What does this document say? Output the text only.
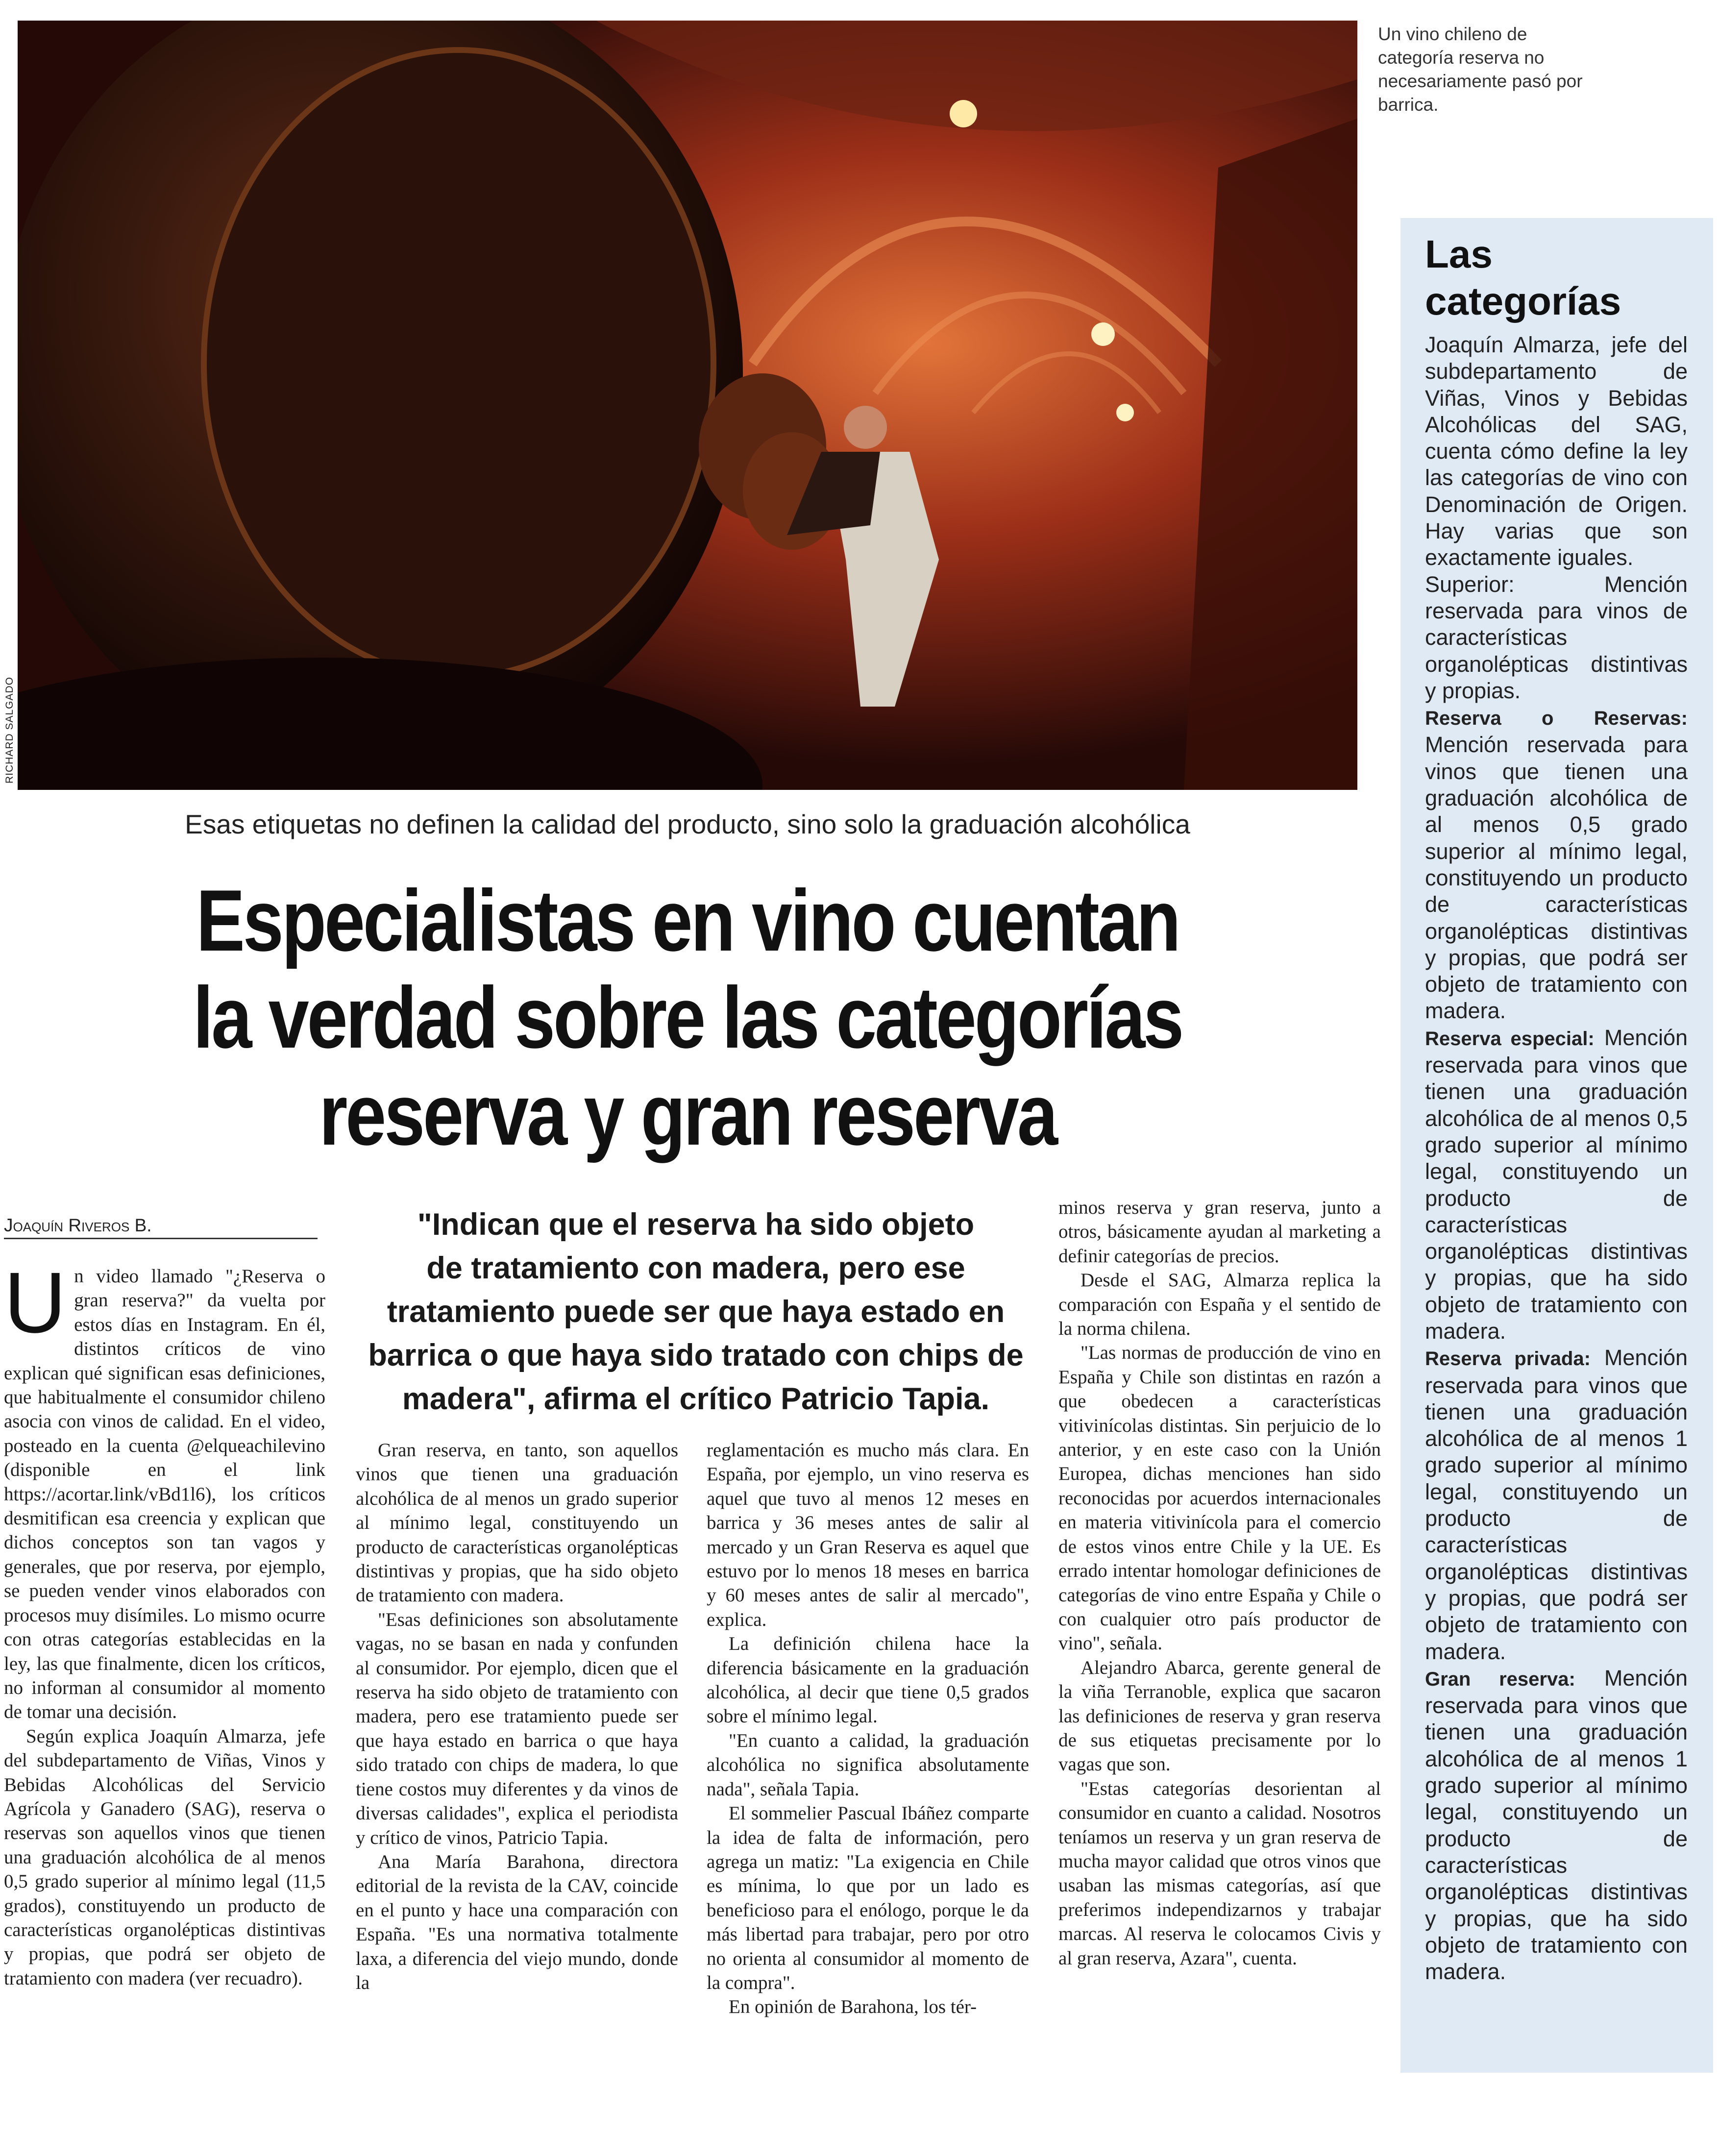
RICHARD SALGADO
Un vino chileno de categoría reserva no necesariamente pasó por barrica.
Esas etiquetas no definen la calidad del producto, sino solo la graduación alcohólica
Especialistas en vino cuentan
la verdad sobre las categorías
reserva y gran reserva
Joaquín Riveros B.

Un video llamado "¿Reserva o gran reserva?" da vuelta por estos días en Instagram. En él, distintos críticos de vino explican qué significan esas definiciones, que habitualmente el consumidor chileno asocia con vinos de calidad. En el video, posteado en la cuenta @elqueachilevino (disponible en el link https://acortar.link/vBd1l6), los críticos desmitifican esa creencia y explican que dichos conceptos son tan vagos y generales, que por reserva, por ejemplo, se pueden vender vinos elaborados con procesos muy disímiles. Lo mismo ocurre con otras categorías establecidas en la ley, las que finalmente, dicen los críticos, no informan al consumidor al momento de tomar una decisión.

Según explica Joaquín Almarza, jefe del subdepartamento de Viñas, Vinos y Bebidas Alcohólicas del Servicio Agrícola y Ganadero (SAG), reserva o reservas son aquellos vinos que tienen una graduación alcohólica de al menos 0,5 grado superior al mínimo legal (11,5 grados), constituyendo un producto de características organolépticas distintivas y propias, que podrá ser objeto de tratamiento con madera (ver recuadro).

"Indican que el reserva ha sido objeto
de tratamiento con madera, pero ese
tratamiento puede ser que haya estado en
barrica o que haya sido tratado con chips de
madera", afirma el crítico Patricio Tapia.

Gran reserva, en tanto, son aquellos vinos que tienen una graduación alcohólica de al menos un grado superior al mínimo legal, constituyendo un producto de características organolépticas distintivas y propias, que ha sido objeto de tratamiento con madera.

"Esas definiciones son absolutamente vagas, no se basan en nada y confunden al consumidor. Por ejemplo, dicen que el reserva ha sido objeto de tratamiento con madera, pero ese tratamiento puede ser que haya estado en barrica o que haya sido tratado con chips de madera, lo que tiene costos muy diferentes y da vinos de diversas calidades", explica el periodista y crítico de vinos, Patricio Tapia.

Ana María Barahona, directora editorial de la revista de la CAV, coincide en el punto y hace una comparación con España. "Es una normativa totalmente laxa, a diferencia del viejo mundo, donde la

reglamentación es mucho más clara. En España, por ejemplo, un vino reserva es aquel que tuvo al menos 12 meses en barrica y 36 meses antes de salir al mercado y un Gran Reserva es aquel que estuvo por lo menos 18 meses en barrica y 60 meses antes de salir al mercado", explica.

La definición chilena hace la diferencia básicamente en la graduación alcohólica, al decir que tiene 0,5 grados sobre el mínimo legal.

"En cuanto a calidad, la graduación alcohólica no significa absolutamente nada", señala Tapia.

El sommelier Pascual Ibáñez comparte la idea de falta de información, pero agrega un matiz: "La exigencia en Chile es mínima, lo que por un lado es beneficioso para el enólogo, porque le da más libertad para trabajar, pero por otro no orienta al consumidor al momento de la compra".

En opinión de Barahona, los tér-

minos reserva y gran reserva, junto a otros, básicamente ayudan al marketing a definir categorías de precios.

Desde el SAG, Almarza replica la comparación con España y el sentido de la norma chilena.

"Las normas de producción de vino en España y Chile son distintas en razón a que obedecen a características vitivinícolas distintas. Sin perjuicio de lo anterior, y en este caso con la Unión Europea, dichas menciones han sido reconocidas por acuerdos internacionales en materia vitivinícola para el comercio de estos vinos entre Chile y la UE. Es errado intentar homologar definiciones de categorías de vino entre España y Chile o con cualquier otro país productor de vino", señala.

Alejandro Abarca, gerente general de la viña Terranoble, explica que sacaron las definiciones de reserva y gran reserva de sus etiquetas precisamente por lo vagas que son.

"Estas categorías desorientan al consumidor en cuanto a calidad. Nosotros teníamos un reserva y un gran reserva de mucha mayor calidad que otros vinos que usaban las mismas categorías, así que preferimos independizarnos y trabajar marcas. Al reserva le colocamos Civis y al gran reserva, Azara", cuenta.

Las categorías

Joaquín Almarza, jefe del subdepartamento de Viñas, Vinos y Bebidas Alcohólicas del SAG, cuenta cómo define la ley las categorías de vino con Denominación de Origen. Hay varias que son exactamente iguales.

Superior: Mención reservada para vinos de características organolépticas distintivas y propias.

Reserva o Reservas: Mención reservada para vinos que tienen una graduación alcohólica de al menos 0,5 grado superior al mínimo legal, constituyendo un producto de características organolépticas distintivas y propias, que podrá ser objeto de tratamiento con madera.

Reserva especial: Mención reservada para vinos que tienen una graduación alcohólica de al menos 0,5 grado superior al mínimo legal, constituyendo un producto de características organolépticas distintivas y propias, que ha sido objeto de tratamiento con madera.

Reserva privada: Mención reservada para vinos que tienen una graduación alcohólica de al menos 1 grado superior al mínimo legal, constituyendo un producto de características organolépticas distintivas y propias, que podrá ser objeto de tratamiento con madera.

Gran reserva: Mención reservada para vinos que tienen una graduación alcohólica de al menos 1 grado superior al mínimo legal, constituyendo un producto de características organolépticas distintivas y propias, que ha sido objeto de tratamiento con madera.
